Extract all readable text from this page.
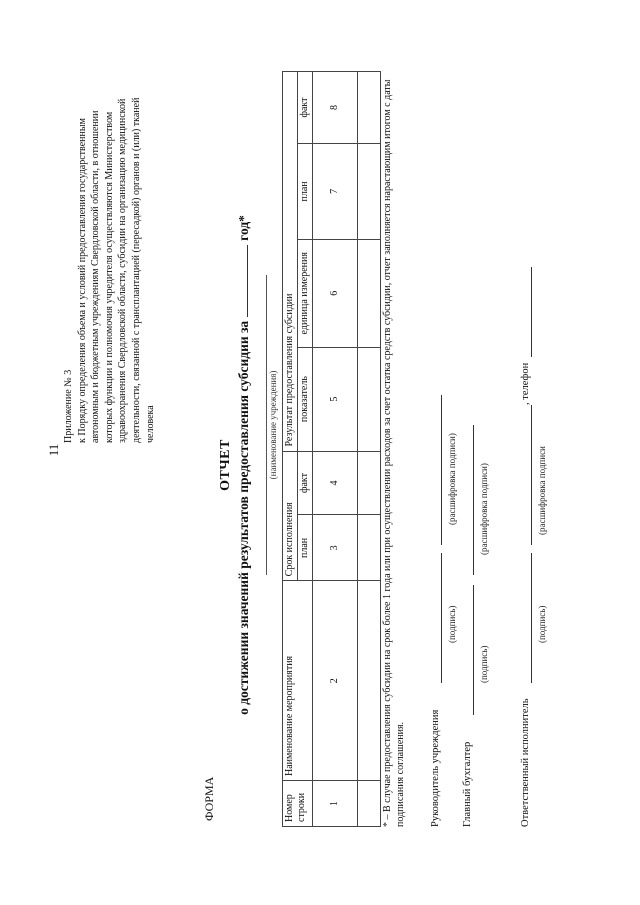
11
Приложение № 3 к Порядку определения объема и условий предоставления государственным автономным и бюджетным учреждениям Свердловской области, в отношении которых функции и полномочия учредителя осуществляются Министерством здравоохранения Свердловской области, субсидии на организацию медицинской деятельности, связанной с трансплантацией (пересадкой) органов и (или) тканей человека
ФОРМА
ОТЧЕТ о достижении значений результатов предоставления субсидии загод*
(наименование учреждения)
Номер строки	Наименование мероприятия	Срок исполнения		Результат предоставления субсидии			
		план	факт	показатель	единица измерения	план	факт
1	2	3	4	5	6	7	8
								* – В случае предоставления субсидии на срок более 1 года или при осуществлении расходов за счет остатка средств субсидии, отчет заполняется нарастающим итогом с даты подписания соглашения. Руководитель учреждения
(подпись)
(расшифровка подписи)
Главный бухгалтер
(подпись)
(расшифровка подписи)
Ответственный исполнитель
(подпись)
(расшифровка подписи
, телефон
